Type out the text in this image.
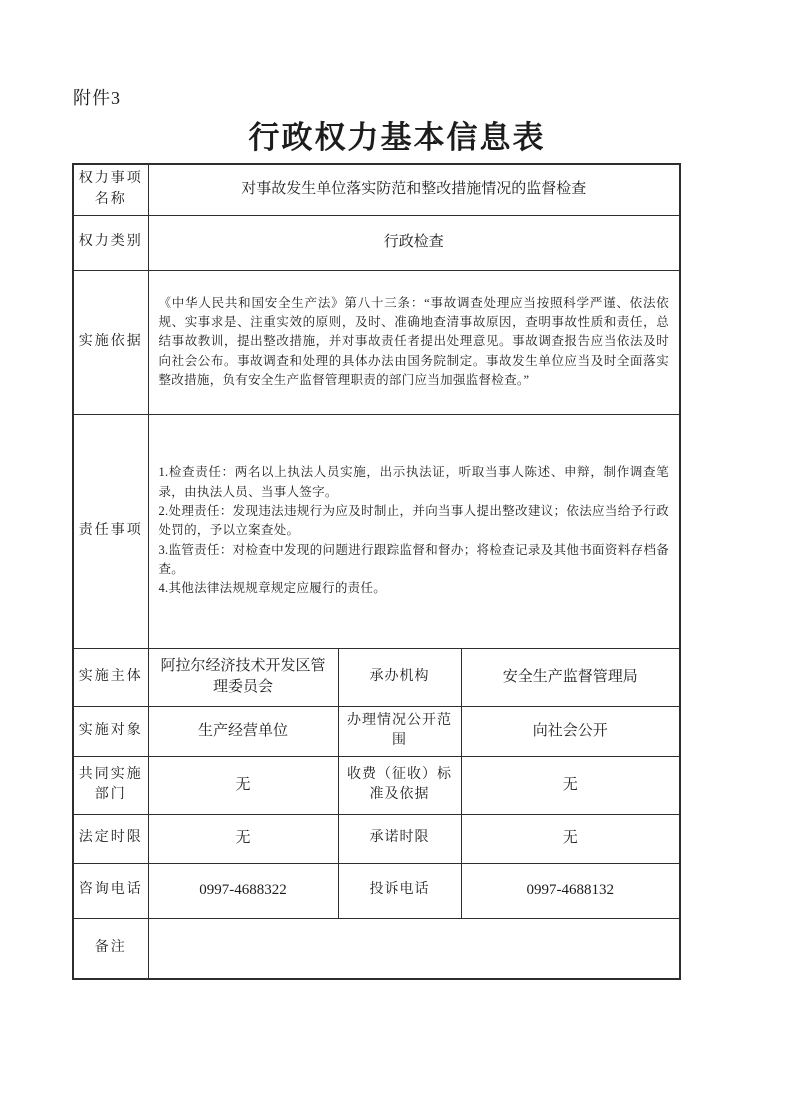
附件3
行政权力基本信息表
权力事项名称	对事故发生单位落实防范和整改措施情况的监督检查		
权力类别	行政检查		
实施依据	《中华人民共和国安全生产法》第八十三条：“事故调查处理应当按照科学严谨、依法依规、实事求是、注重实效的原则，及时、准确地查清事故原因，查明事故性质和责任，总结事故教训，提出整改措施，并对事故责任者提出处理意见。事故调查报告应当依法及时向社会公布。事故调查和处理的具体办法由国务院制定。事故发生单位应当及时全面落实整改措施，负有安全生产监督管理职责的部门应当加强监督检查。”		
责任事项	1.检查责任：两名以上执法人员实施，出示执法证，听取当事人陈述、申辩，制作调查笔录，由执法人员、当事人签字。
2.处理责任：发现违法违规行为应及时制止，并向当事人提出整改建议；依法应当给予行政处罚的，予以立案查处。
3.监管责任：对检查中发现的问题进行跟踪监督和督办；将检查记录及其他书面资料存档备查。
4.其他法律法规规章规定应履行的责任。		

实施主体	阿拉尔经济技术开发区管理委员会	承办机构	安全生产监督管理局
实施对象	生产经营单位	办理情况公开范围	向社会公开
共同实施部门	无	收费（征收）标准及依据	无
法定时限	无	承诺时限	无
咨询电话	0997-4688322	投诉电话	0997-4688132
备注			
